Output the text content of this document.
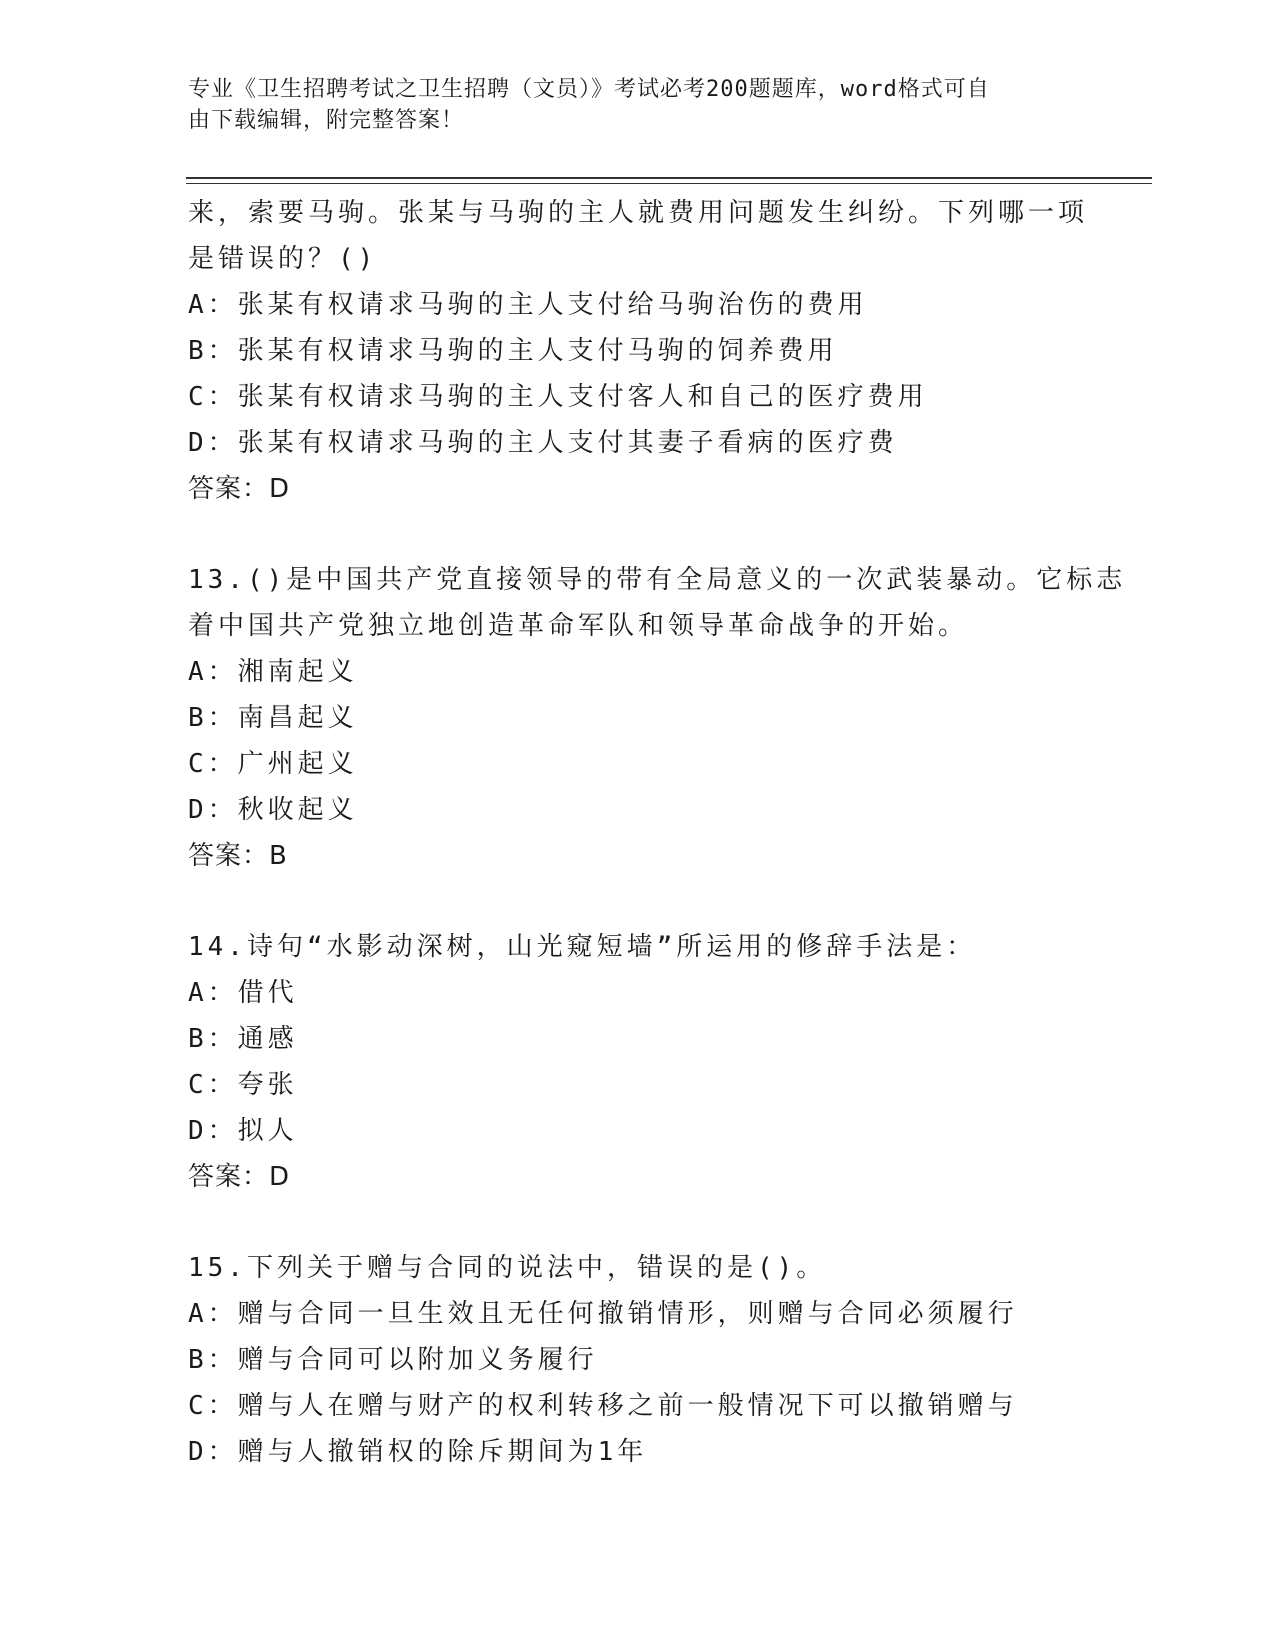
专业《卫生招聘考试之卫生招聘（文员）》考试必考200题题库，word格式可自
由下载编辑，附完整答案！
来，索要马驹。张某与马驹的主人就费用问题发生纠纷。下列哪一项
是错误的？()
A：张某有权请求马驹的主人支付给马驹治伤的费用
B：张某有权请求马驹的主人支付马驹的饲养费用
C：张某有权请求马驹的主人支付客人和自己的医疗费用
D：张某有权请求马驹的主人支付其妻子看病的医疗费
答案：D
13.()是中国共产党直接领导的带有全局意义的一次武装暴动。它标志
着中国共产党独立地创造革命军队和领导革命战争的开始。
A：湘南起义
B：南昌起义
C：广州起义
D：秋收起义
答案：B
14.诗句“水影动深树，山光窥短墙”所运用的修辞手法是：
A：借代
B：通感
C：夸张
D：拟人
答案：D
15.下列关于赠与合同的说法中，错误的是()。
A：赠与合同一旦生效且无任何撤销情形，则赠与合同必须履行
B：赠与合同可以附加义务履行
C：赠与人在赠与财产的权利转移之前一般情况下可以撤销赠与
D：赠与人撤销权的除斥期间为1年
